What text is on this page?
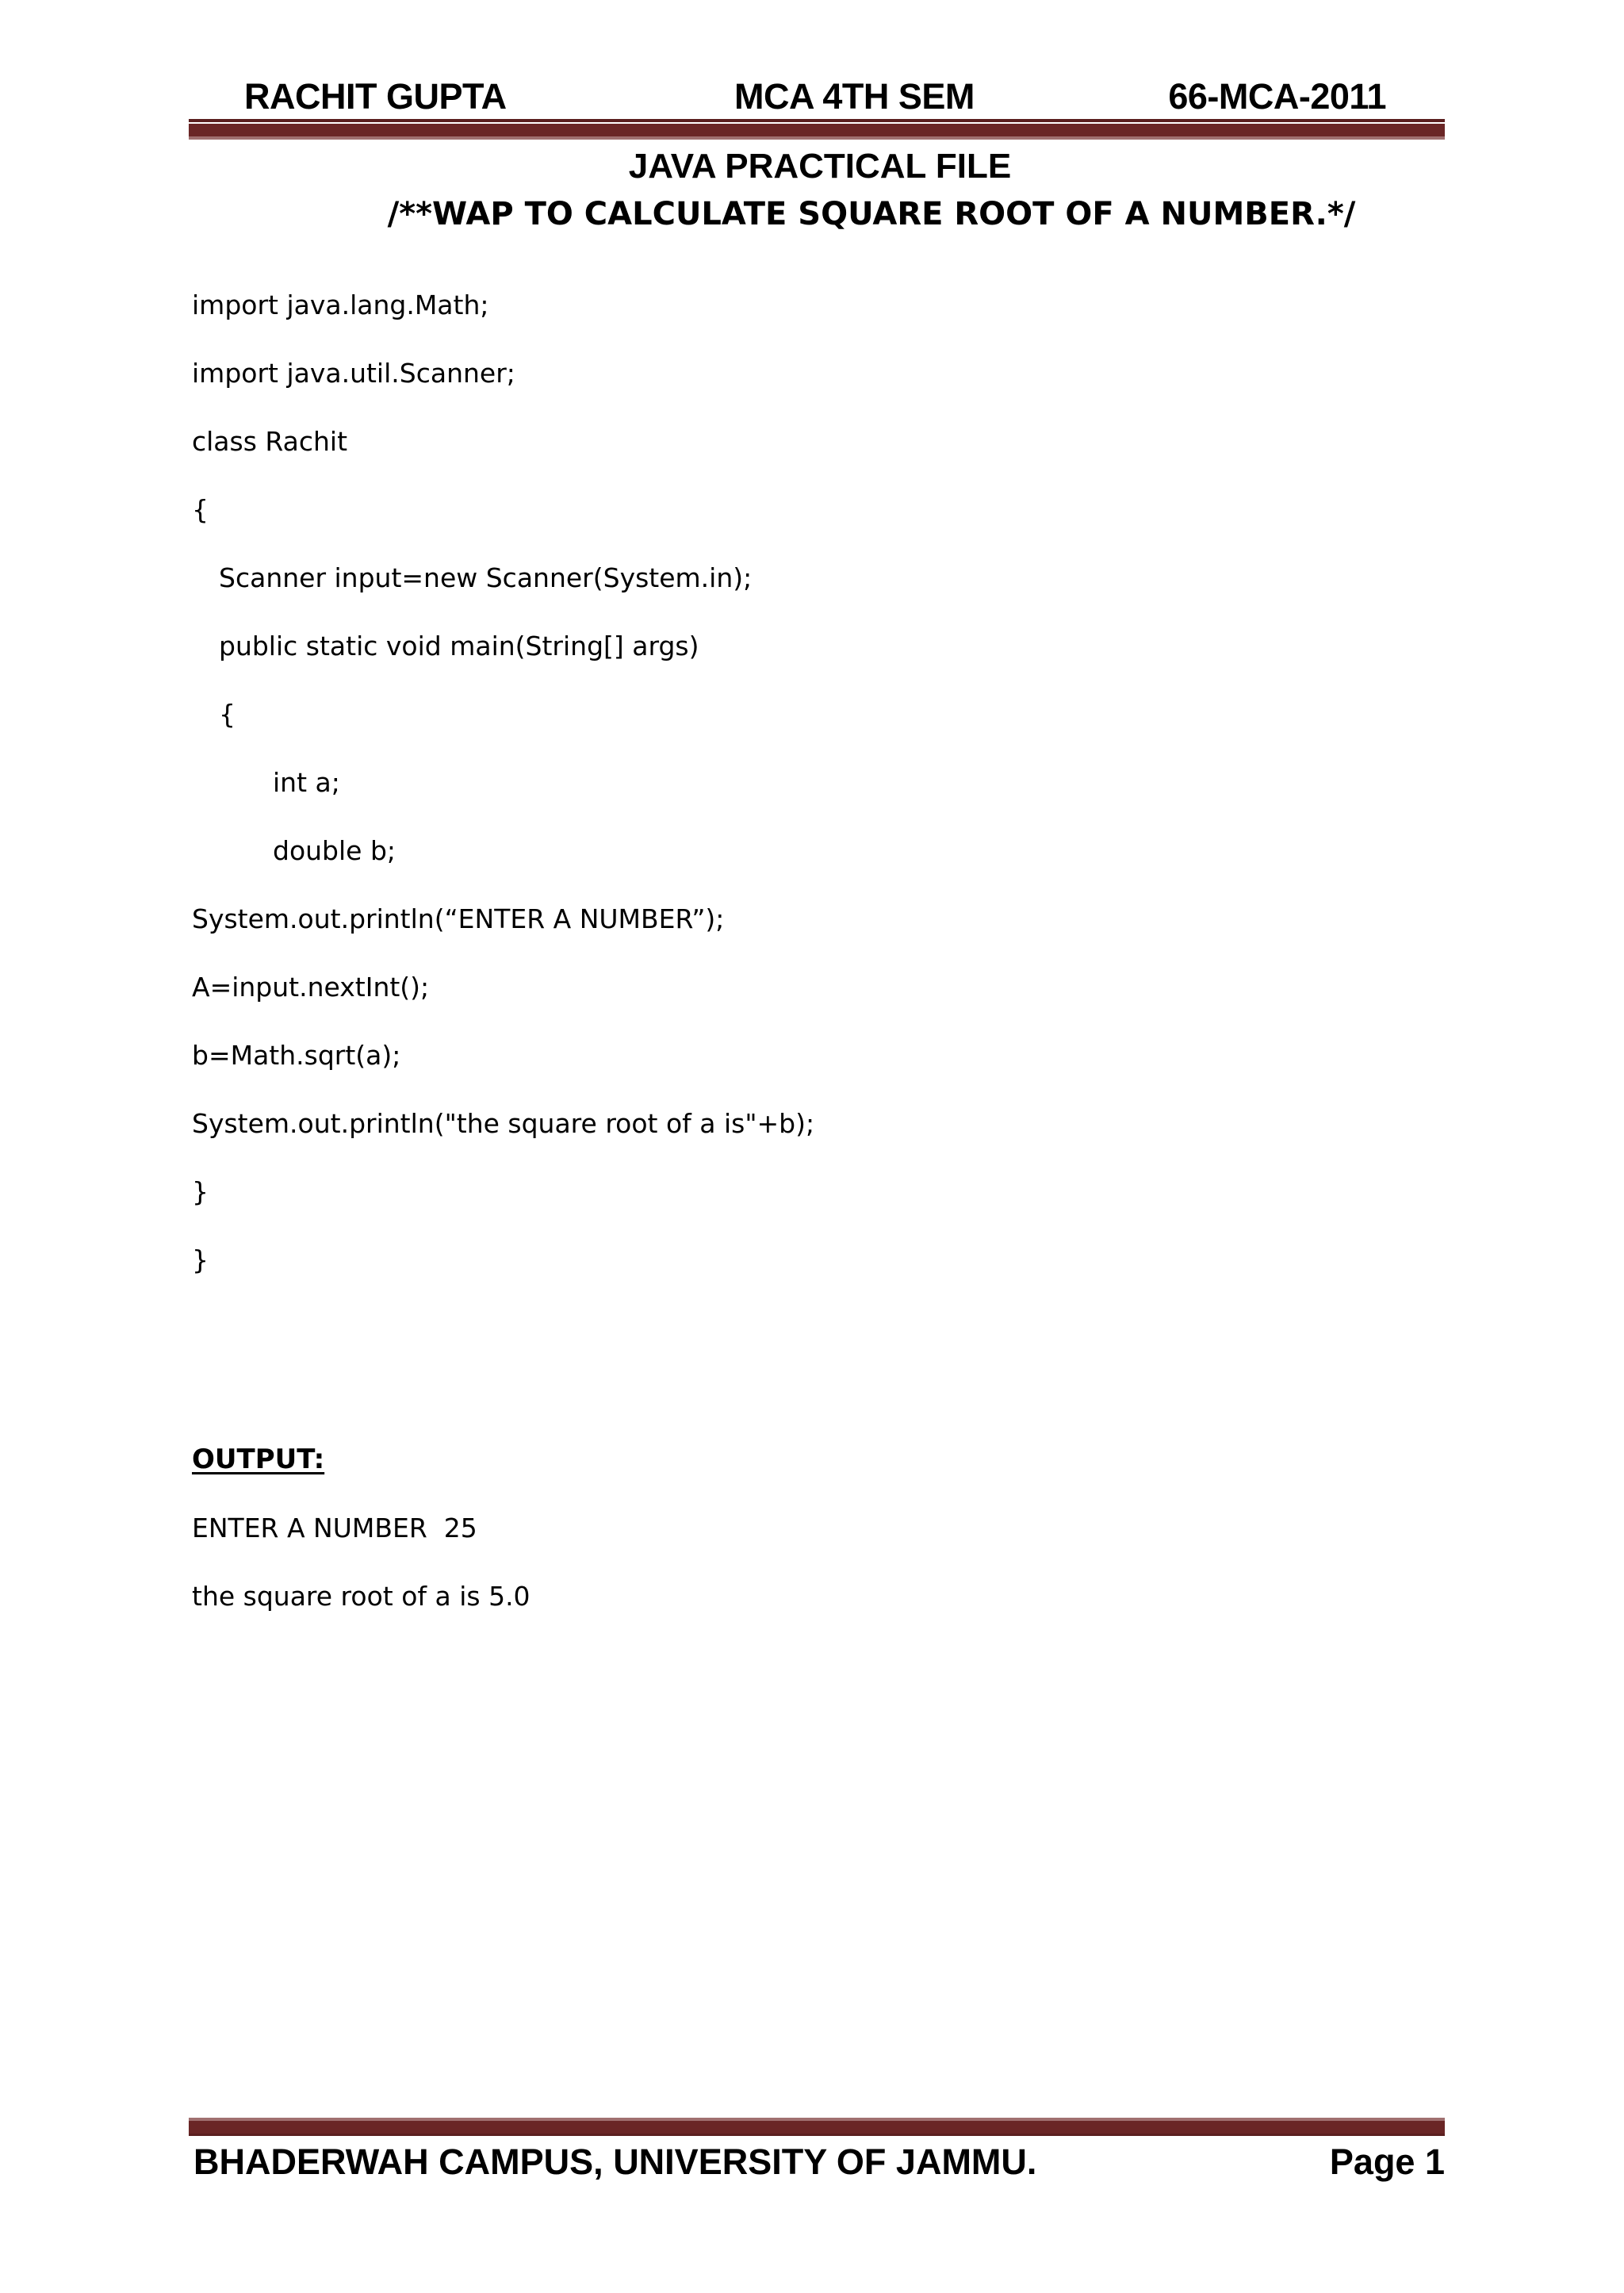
RACHIT GUPTA	MCA 4TH SEM	66-MCA-2011
JAVA PRACTICAL FILE
/**WAP TO CALCULATE SQUARE ROOT OF A NUMBER.*/
import java.lang.Math;
import java.util.Scanner;
class Rachit
{
Scanner input=new Scanner(System.in);
public static void main(String[] args)
{
int a;
double b;
System.out.println(“ENTER A NUMBER”);
A=input.nextInt();
b=Math.sqrt(a);
System.out.println("the square root of a is"+b);
}
}
OUTPUT:
ENTER A NUMBER  25
the square root of a is 5.0
BHADERWAH CAMPUS, UNIVERSITY OF JAMMU.	Page 1
